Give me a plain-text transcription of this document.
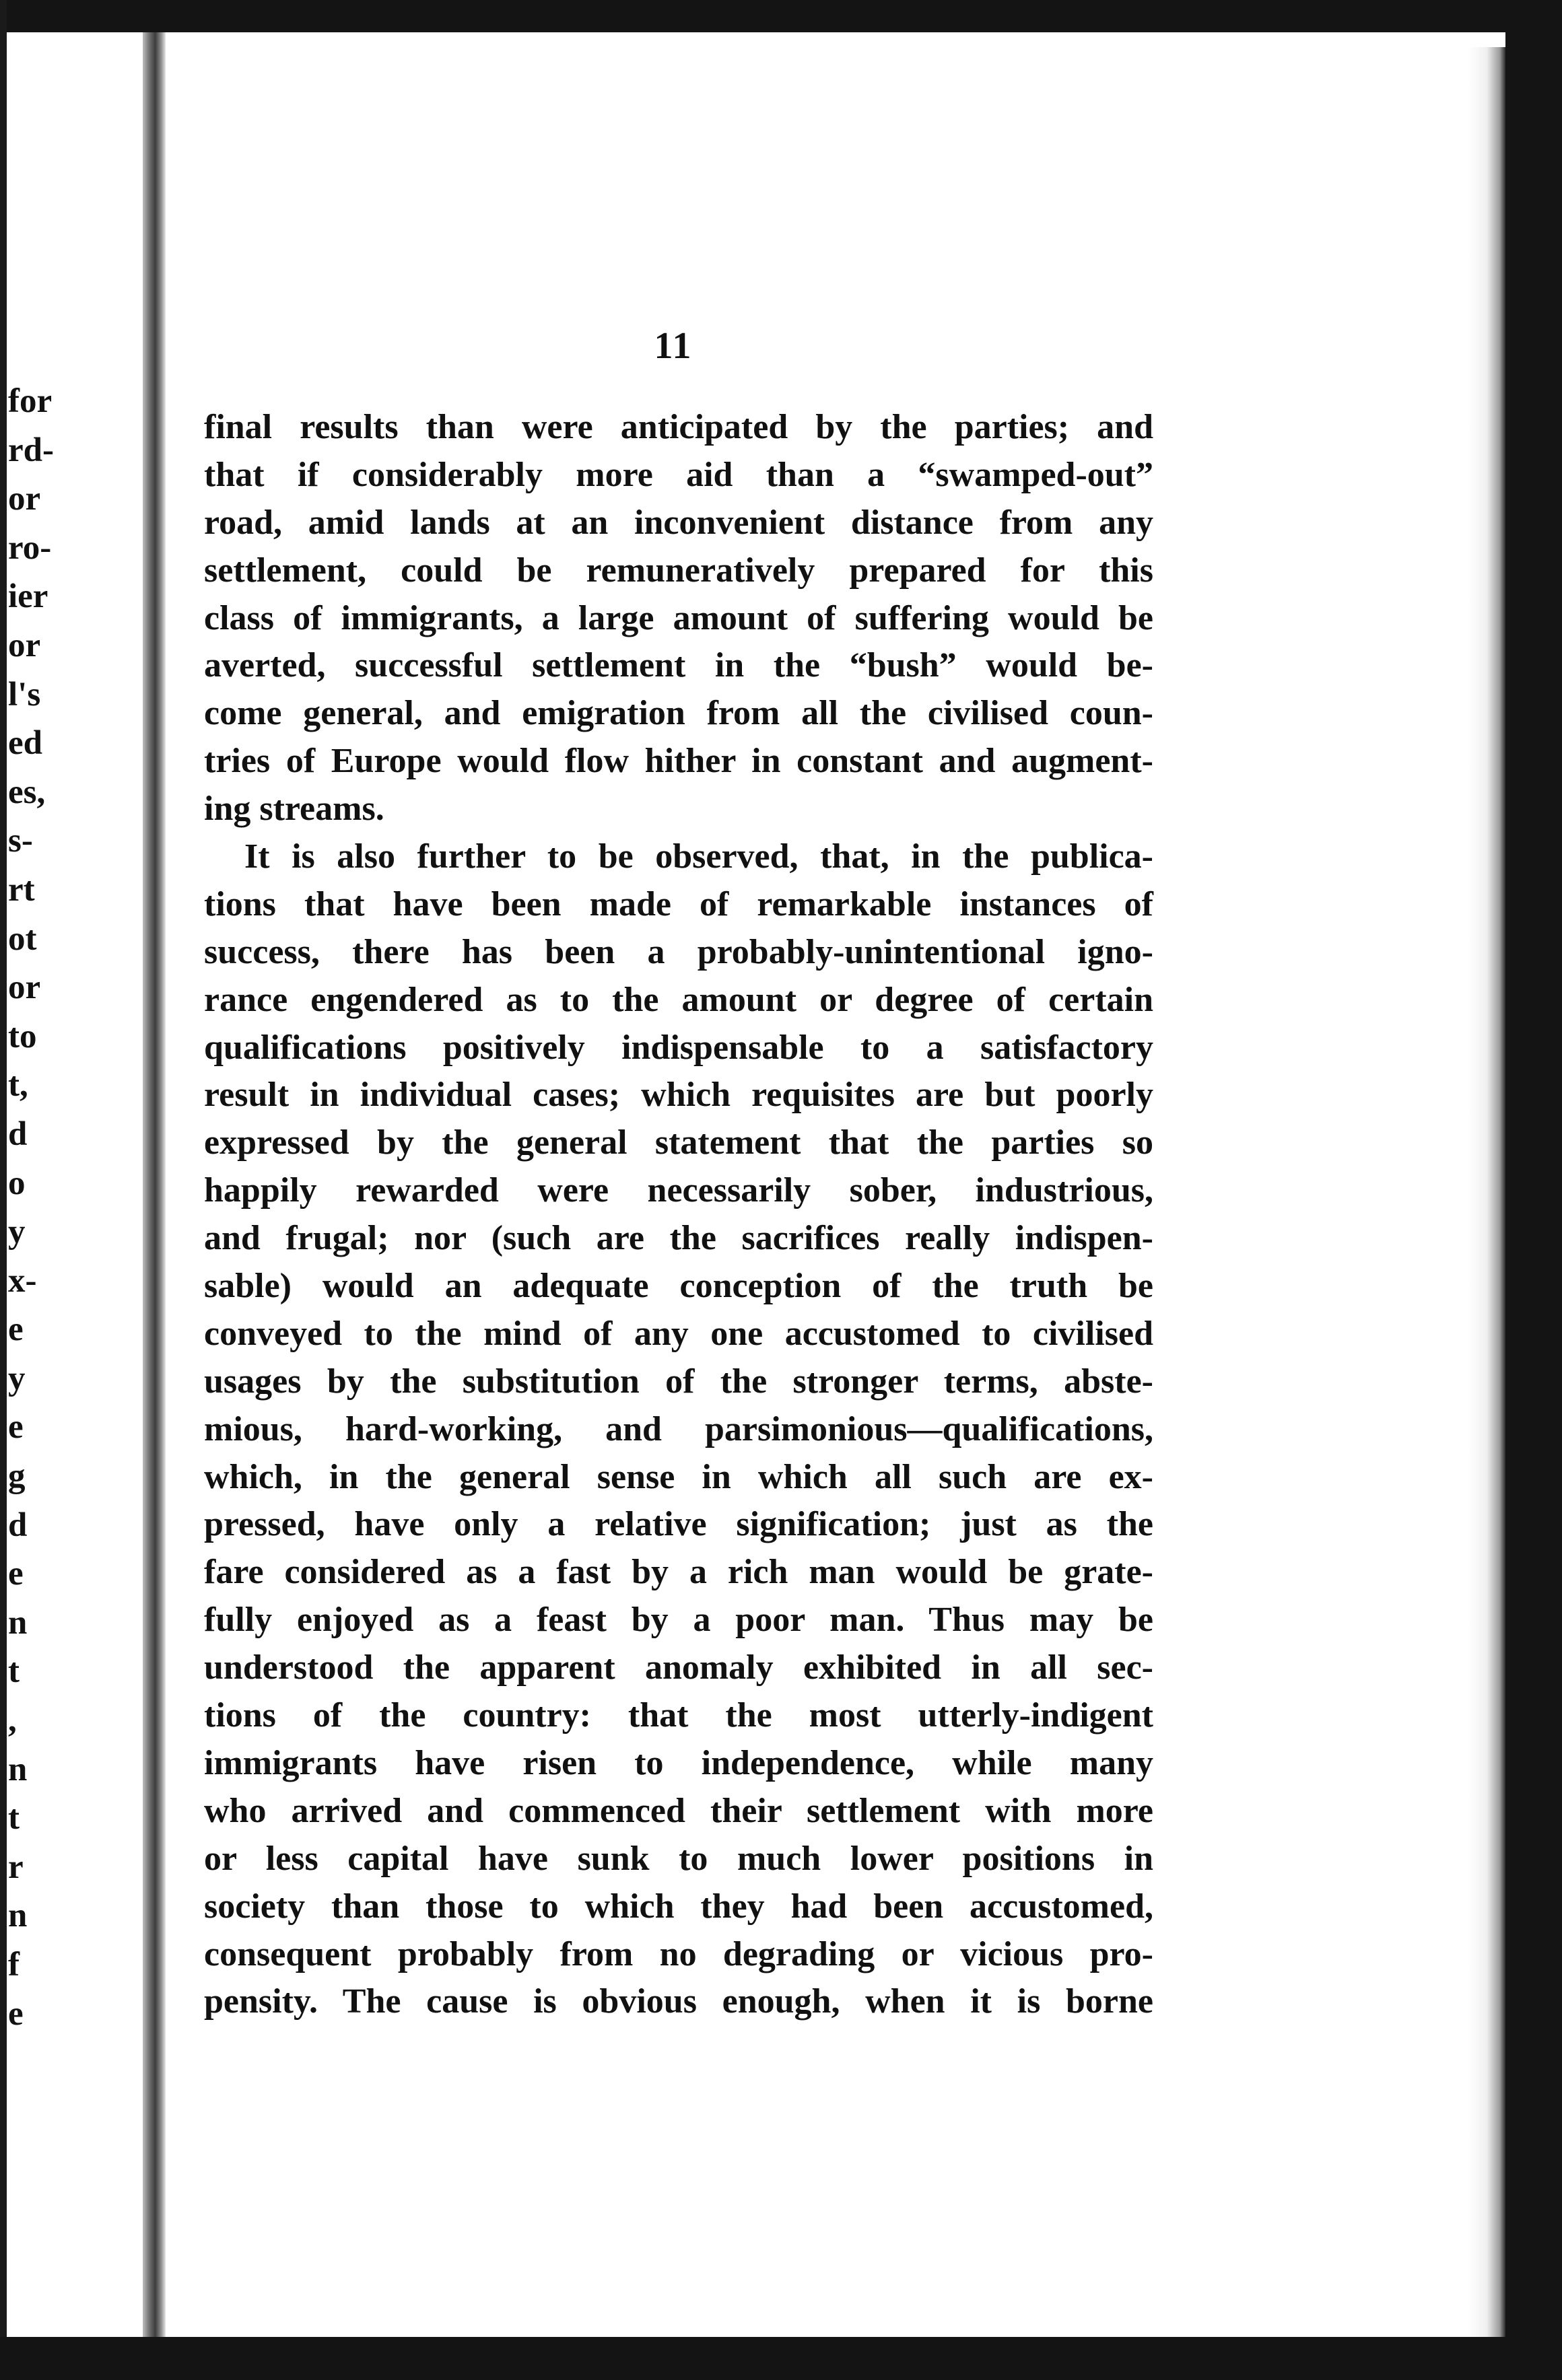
for
rd-
or
ro-
ier
or
l's
ed
es,
s-
rt
ot
or
to
t,
d
o
y
x-
e
y
e
g
d
e
n
t
,
n
t
r
n
f
e
11

final results than were anticipated by the parties; and
that if considerably more aid than a “swamped-out”
road, amid lands at an inconvenient distance from any
settlement, could be remuneratively prepared for this
class of immigrants, a large amount of suffering would be
averted, successful settlement in the “bush” would be-
come general, and emigration from all the civilised coun-
tries of Europe would flow hither in constant and augment-
ing streams.

It is also further to be observed, that, in the publica-
tions that have been made of remarkable instances of
success, there has been a probably-unintentional igno-
rance engendered as to the amount or degree of certain
qualifications positively indispensable to a satisfactory
result in individual cases; which requisites are but poorly
expressed by the general statement that the parties so
happily rewarded were necessarily sober, industrious,
and frugal; nor (such are the sacrifices really indispen-
sable) would an adequate conception of the truth be
conveyed to the mind of any one accustomed to civilised
usages by the substitution of the stronger terms, abste-
mious, hard-working, and parsimonious—qualifications,
which, in the general sense in which all such are ex-
pressed, have only a relative signification; just as the
fare considered as a fast by a rich man would be grate-
fully enjoyed as a feast by a poor man. Thus may be
understood the apparent anomaly exhibited in all sec-
tions of the country: that the most utterly-indigent
immigrants have risen to independence, while many
who arrived and commenced their settlement with more
or less capital have sunk to much lower positions in
society than those to which they had been accustomed,
consequent probably from no degrading or vicious pro-
pensity. The cause is obvious enough, when it is borne
